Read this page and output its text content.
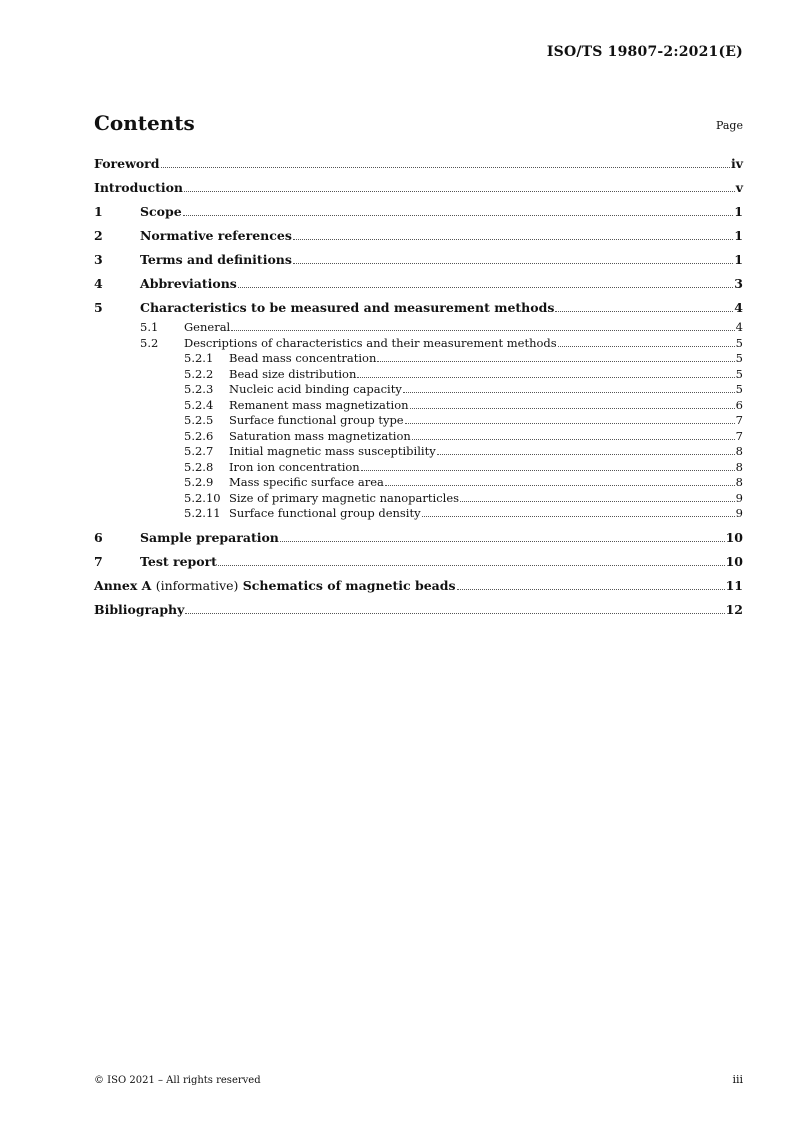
ISO/TS 19807-2:2021(E)
Contents	Page
Foreword	iv
Introduction	v
1	Scope	1
2	Normative references	1
3	Terms and definitions	1
4	Abbreviations	3
5	Characteristics to be measured and measurement methods	4
5.1	General	4
5.2	Descriptions of characteristics and their measurement methods	5
5.2.1	Bead mass concentration	5
5.2.2	Bead size distribution	5
5.2.3	Nucleic acid binding capacity	5
5.2.4	Remanent mass magnetization	6
5.2.5	Surface functional group type	7
5.2.6	Saturation mass magnetization	7
5.2.7	Initial magnetic mass susceptibility	8
5.2.8	Iron ion concentration	8
5.2.9	Mass specific surface area	8
5.2.10 Size of primary magnetic nanoparticles	9
5.2.11 Surface functional group density	9
6	Sample preparation	10
7	Test report	10
Annex A (informative) Schematics of magnetic beads	11
Bibliography	12
© ISO 2021 – All rights reserved	iii
